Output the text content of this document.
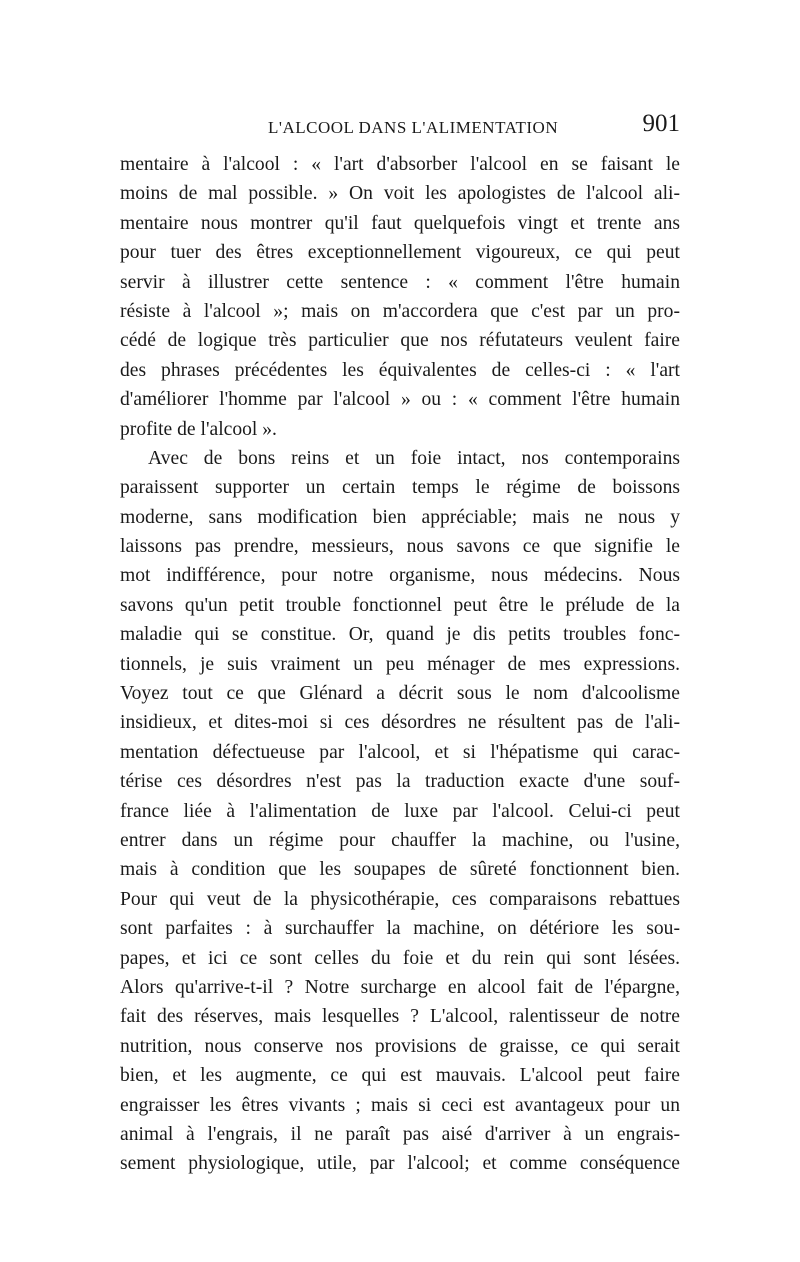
L'ALCOOL DANS L'ALIMENTATION	901
mentaire à l'alcool : « l'art d'absorber l'alcool en se faisant le
moins de mal possible. » On voit les apologistes de l'alcool ali-
mentaire nous montrer qu'il faut quelquefois vingt et trente ans
pour tuer des êtres exceptionnellement vigoureux, ce qui peut
servir à illustrer cette sentence : « comment l'être humain
résiste à l'alcool »; mais on m'accordera que c'est par un pro-
cédé de logique très particulier que nos réfutateurs veulent faire
des phrases précédentes les équivalentes de celles-ci : « l'art
d'améliorer l'homme par l'alcool » ou : « comment l'être humain
profite de l'alcool ».
Avec de bons reins et un foie intact, nos contemporains
paraissent supporter un certain temps le régime de boissons
moderne, sans modification bien appréciable; mais ne nous y
laissons pas prendre, messieurs, nous savons ce que signifie le
mot indifférence, pour notre organisme, nous médecins. Nous
savons qu'un petit trouble fonctionnel peut être le prélude de la
maladie qui se constitue. Or, quand je dis petits troubles fonc-
tionnels, je suis vraiment un peu ménager de mes expressions.
Voyez tout ce que Glénard a décrit sous le nom d'alcoolisme
insidieux, et dites-moi si ces désordres ne résultent pas de l'ali-
mentation défectueuse par l'alcool, et si l'hépatisme qui carac-
térise ces désordres n'est pas la traduction exacte d'une souf-
france liée à l'alimentation de luxe par l'alcool. Celui-ci peut
entrer dans un régime pour chauffer la machine, ou l'usine,
mais à condition que les soupapes de sûreté fonctionnent bien.
Pour qui veut de la physicothérapie, ces comparaisons rebattues
sont parfaites : à surchauffer la machine, on détériore les sou-
papes, et ici ce sont celles du foie et du rein qui sont lésées.
Alors qu'arrive-t-il ? Notre surcharge en alcool fait de l'épargne,
fait des réserves, mais lesquelles ? L'alcool, ralentisseur de notre
nutrition, nous conserve nos provisions de graisse, ce qui serait
bien, et les augmente, ce qui est mauvais. L'alcool peut faire
engraisser les êtres vivants ; mais si ceci est avantageux pour un
animal à l'engrais, il ne paraît pas aisé d'arriver à un engrais-
sement physiologique, utile, par l'alcool; et comme conséquence
